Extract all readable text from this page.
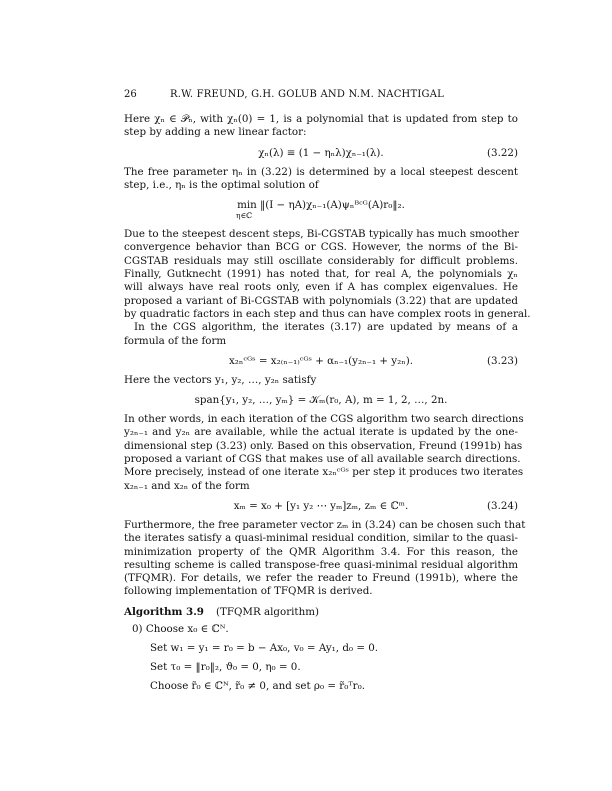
26	R.W. FREUND, G.H. GOLUB AND N.M. NACHTIGAL
Here χₙ ∈ 𝒫ₙ, with χₙ(0) = 1, is a polynomial that is updated from step to
step by adding a new linear factor:
χₙ(λ) ≡ (1 − ηₙλ)χₙ₋₁(λ).	(3.22)
The free parameter ηₙ in (3.22) is determined by a local steepest descent
step, i.e., ηₙ is the optimal solution of
min ‖(I − ηA)χₙ₋₁(A)ψₙᴮᶜᴳ(A)r₀‖₂.
η∈ℂ
Due to the steepest descent steps, Bi-CGSTAB typically has much smoother
convergence behavior than BCG or CGS. However, the norms of the Bi-
CGSTAB residuals may still oscillate considerably for difficult problems.
Finally, Gutknecht (1991) has noted that, for real A, the polynomials χₙ
will always have real roots only, even if A has complex eigenvalues. He
proposed a variant of Bi-CGSTAB with polynomials (3.22) that are updated
by quadratic factors in each step and thus can have complex roots in general.
In the CGS algorithm, the iterates (3.17) are updated by means of a
formula of the form
x₂ₙᶜᴳˢ = x₂₍ₙ₋₁₎ᶜᴳˢ + αₙ₋₁(y₂ₙ₋₁ + y₂ₙ).	(3.23)
Here the vectors y₁, y₂, …, y₂ₙ satisfy
span{y₁, y₂, …, yₘ} = 𝒦ₘ(r₀, A), m = 1, 2, …, 2n.
In other words, in each iteration of the CGS algorithm two search directions
y₂ₙ₋₁ and y₂ₙ are available, while the actual iterate is updated by the one-
dimensional step (3.23) only. Based on this observation, Freund (1991b) has
proposed a variant of CGS that makes use of all available search directions.
More precisely, instead of one iterate x₂ₙᶜᴳˢ per step it produces two iterates
x₂ₙ₋₁ and x₂ₙ of the form
xₘ = x₀ + [y₁ y₂ ⋯ yₘ]zₘ, zₘ ∈ ℂᵐ.	(3.24)
Furthermore, the free parameter vector zₘ in (3.24) can be chosen such that
the iterates satisfy a quasi-minimal residual condition, similar to the quasi-
minimization property of the QMR Algorithm 3.4. For this reason, the
resulting scheme is called transpose-free quasi-minimal residual algorithm
(TFQMR). For details, we refer the reader to Freund (1991b), where the
following implementation of TFQMR is derived.
Algorithm 3.9 (TFQMR algorithm)
0) Choose x₀ ∈ ℂᴺ.
Set w₁ = y₁ = r₀ = b − Ax₀, v₀ = Ay₁, d₀ = 0.
Set τ₀ = ‖r₀‖₂, ϑ₀ = 0, η₀ = 0.
Choose r̃₀ ∈ ℂᴺ, r̃₀ ≠ 0, and set ρ₀ = r̃₀ᵀr₀.
